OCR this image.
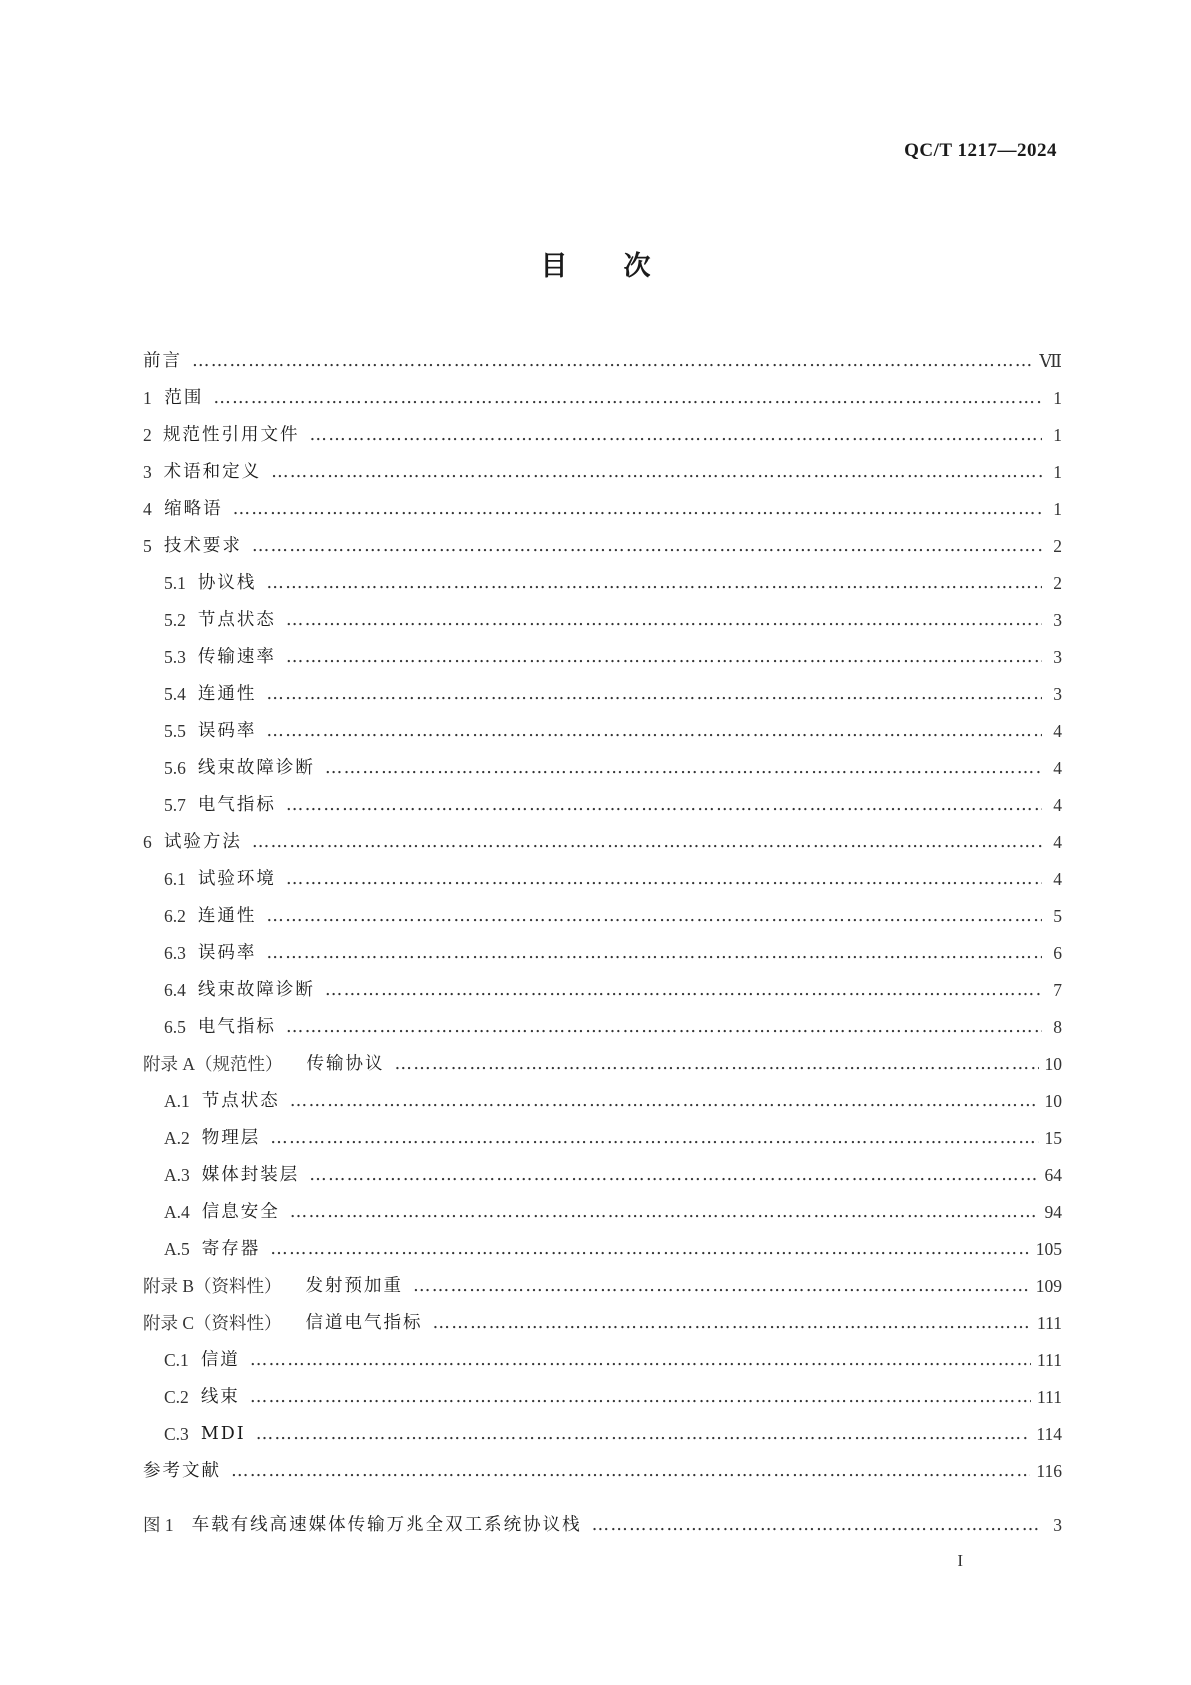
QC/T 1217—2024
目 次
前言 ………………………………………………………………………………………………………………………………………………………………………………………………………………	Ⅶ
1 范围 ………………………………………………………………………………………………………………………………………………………………………………………………………………	1
2 规范性引用文件 ………………………………………………………………………………………………………………………………………………………………………………………………………………	1
3 术语和定义 ………………………………………………………………………………………………………………………………………………………………………………………………………………	1
4 缩略语 ………………………………………………………………………………………………………………………………………………………………………………………………………………	1
5 技术要求 ………………………………………………………………………………………………………………………………………………………………………………………………………………	2
5.1 协议栈 ………………………………………………………………………………………………………………………………………………………………………………………………………………	2
5.2 节点状态 ………………………………………………………………………………………………………………………………………………………………………………………………………………	3
5.3 传输速率 ………………………………………………………………………………………………………………………………………………………………………………………………………………	3
5.4 连通性 ………………………………………………………………………………………………………………………………………………………………………………………………………………	3
5.5 误码率 ………………………………………………………………………………………………………………………………………………………………………………………………………………	4
5.6 线束故障诊断 ………………………………………………………………………………………………………………………………………………………………………………………………………………	4
5.7 电气指标 ………………………………………………………………………………………………………………………………………………………………………………………………………………	4
6 试验方法 ………………………………………………………………………………………………………………………………………………………………………………………………………………	4
6.1 试验环境 ………………………………………………………………………………………………………………………………………………………………………………………………………………	4
6.2 连通性 ………………………………………………………………………………………………………………………………………………………………………………………………………………	5
6.3 误码率 ………………………………………………………………………………………………………………………………………………………………………………………………………………	6
6.4 线束故障诊断 ………………………………………………………………………………………………………………………………………………………………………………………………………………	7
6.5 电气指标 ………………………………………………………………………………………………………………………………………………………………………………………………………………	8
附录 A（规范性） 传输协议 ………………………………………………………………………………………………………………………………………………………………………………………………………………	10
A.1 节点状态 ………………………………………………………………………………………………………………………………………………………………………………………………………………	10
A.2 物理层 ………………………………………………………………………………………………………………………………………………………………………………………………………………	15
A.3 媒体封装层 ………………………………………………………………………………………………………………………………………………………………………………………………………………	64
A.4 信息安全 ………………………………………………………………………………………………………………………………………………………………………………………………………………	94
A.5 寄存器 ………………………………………………………………………………………………………………………………………………………………………………………………………………	105
附录 B（资料性） 发射预加重 ………………………………………………………………………………………………………………………………………………………………………………………………………………	109
附录 C（资料性） 信道电气指标 ………………………………………………………………………………………………………………………………………………………………………………………………………………	111
C.1 信道 ………………………………………………………………………………………………………………………………………………………………………………………………………………	111
C.2 线束 ………………………………………………………………………………………………………………………………………………………………………………………………………………	111
C.3 MDI ………………………………………………………………………………………………………………………………………………………………………………………………………………	114
参考文献 ………………………………………………………………………………………………………………………………………………………………………………………………………………	116
图 1 车载有线高速媒体传输万兆全双工系统协议栈 ………………………………………………………………………………………………………………………………………………………………………………………………………………	3
I
